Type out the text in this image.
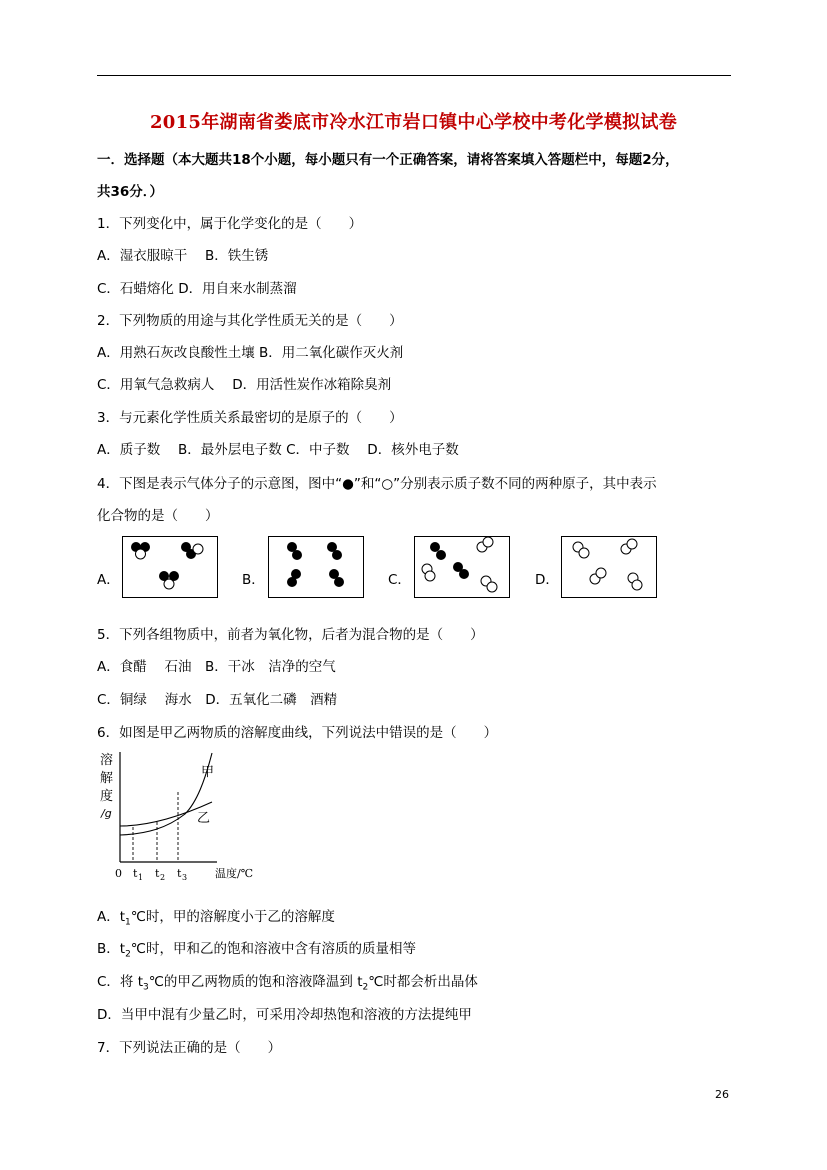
2015年湖南省娄底市冷水江市岩口镇中心学校中考化学模拟试卷
一．选择题（本大题共18个小题，每小题只有一个正确答案，请将答案填入答题栏中，每题2分，
共36分．）
1．下列变化中，属于化学变化的是（　　）
A．湿衣服晾干　 B．铁生锈
C．石蜡熔化 D．用自来水制蒸溜
2．下列物质的用途与其化学性质无关的是（　　）
A．用熟石灰改良酸性土壤 B．用二氧化碳作灭火剂
C．用氧气急救病人　 D．用活性炭作冰箱除臭剂
3．与元素化学性质关系最密切的是原子的（　　）
A．质子数　 B．最外层电子数 C．中子数　 D．核外电子数
4．下图是表示气体分子的示意图，图中“●”和“○”分别表示质子数不同的两种原子，其中表示
化合物的是（　　）
A．	B．	C．	D．
5．下列各组物质中，前者为氧化物，后者为混合物的是（　　）
A．食醋　 石油　B．干冰　洁净的空气
C．铜绿　 海水　D．五氧化二磷　酒精
6．如图是甲乙两物质的溶解度曲线，下列说法中错误的是（　　）
溶
解
度
/g
甲
乙
0 t 1 t 2 t 3	温度/℃
A．$t_1℃$时，甲的溶解度小于乙的溶解度
B．$t_2℃$时，甲和乙的饱和溶液中含有溶质的质量相等
C．将 $t_3℃$的甲乙两物质的饱和溶液降温到 $t_2℃$时都会析出晶体
D．当甲中混有少量乙时，可采用冷却热饱和溶液的方法提纯甲
7．下列说法正确的是（　　）
26
